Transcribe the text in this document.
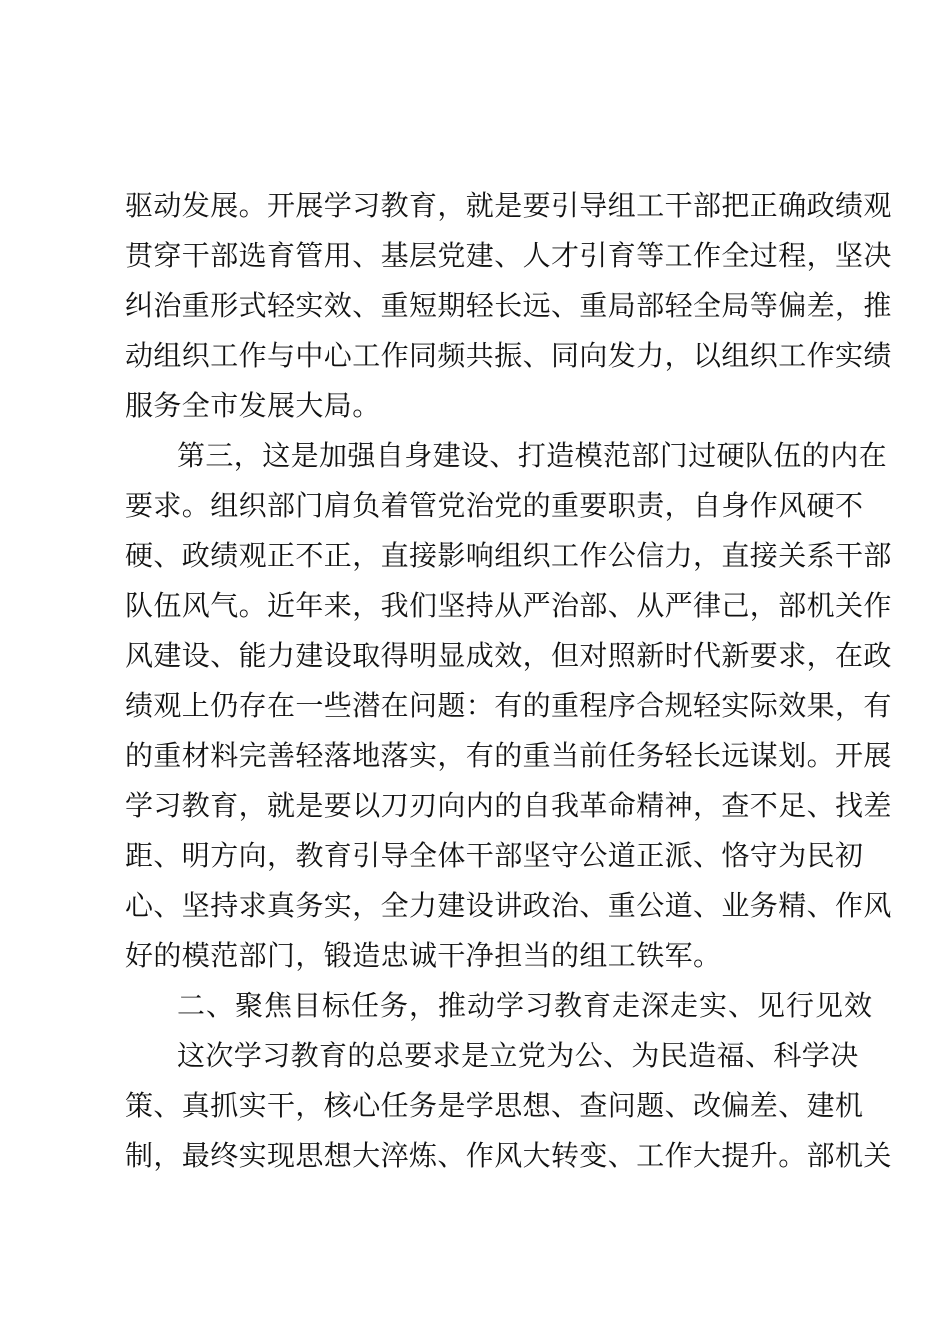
驱动发展。开展学习教育，就是要引导组工干部把正确政绩观
贯穿干部选育管用、基层党建、人才引育等工作全过程，坚决
纠治重形式轻实效、重短期轻长远、重局部轻全局等偏差，推
动组织工作与中心工作同频共振、同向发力，以组织工作实绩
服务全市发展大局。
第三，这是加强自身建设、打造模范部门过硬队伍的内在
要求。组织部门肩负着管党治党的重要职责，自身作风硬不
硬、政绩观正不正，直接影响组织工作公信力，直接关系干部
队伍风气。近年来，我们坚持从严治部、从严律己，部机关作
风建设、能力建设取得明显成效，但对照新时代新要求，在政
绩观上仍存在一些潜在问题：有的重程序合规轻实际效果，有
的重材料完善轻落地落实，有的重当前任务轻长远谋划。开展
学习教育，就是要以刀刃向内的自我革命精神，查不足、找差
距、明方向，教育引导全体干部坚守公道正派、恪守为民初
心、坚持求真务实，全力建设讲政治、重公道、业务精、作风
好的模范部门，锻造忠诚干净担当的组工铁军。
二、聚焦目标任务，推动学习教育走深走实、见行见效
这次学习教育的总要求是立党为公、为民造福、科学决
策、真抓实干，核心任务是学思想、查问题、改偏差、建机
制，最终实现思想大淬炼、作风大转变、工作大提升。部机关
